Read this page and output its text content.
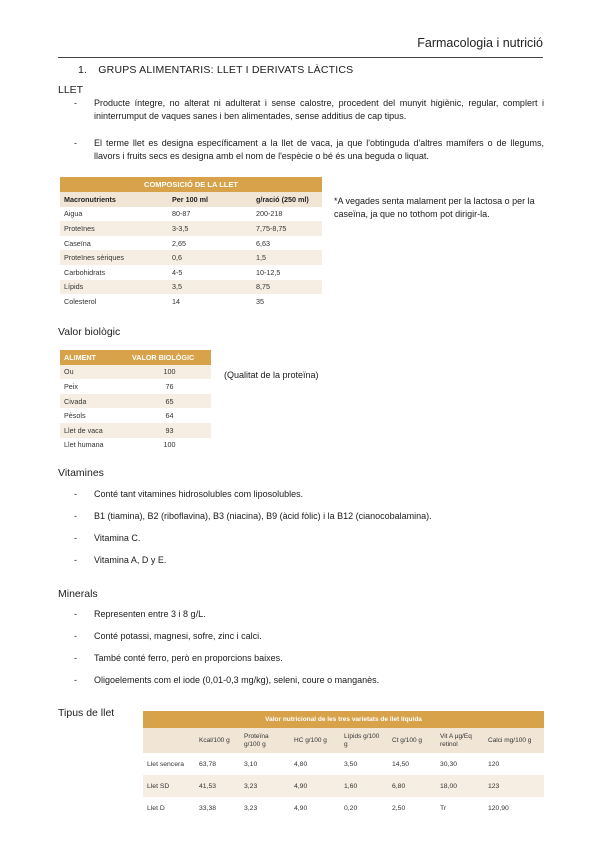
Farmacologia i nutrició
1. GRUPS ALIMENTARIS: LLET I DERIVATS LÀCTICS
LLET
- Producte íntegre, no alterat ni adulterat i sense calostre, procedent del munyit higiènic, regular, complert i ininterrumput de vaques sanes i ben alimentades, sense additius de cap tipus.
- El terme llet es designa específicament a la llet de vaca, ja que l'obtinguda d'altres mamífers o de llegums, llavors i fruits secs es designa amb el nom de l'espècie o bé és una beguda o liquat.
COMPOSICIÓ DE LA LLET		
Macronutrients	Per 100 ml	g/ració (250 ml)
Aigua	80-87	200-218
Proteïnes	3-3,5	7,75-8,75
Caseïna	2,65	6,63
Proteïnes sèriques	0,6	1,5
Carbohidrats	4-5	10-12,5
Lípids	3,5	8,75
Colesterol	14	35
*A vegades senta malament per la lactosa o per la caseïna, ja que no tothom pot dirigir-la.
Valor biològic
ALIMENT	VALOR BIOLÒGIC
Ou	100
Peix	76
Civada	65
Pèsols	64
Llet de vaca	93
Llet humana	100
(Qualitat de la proteïna)
Vitamines
- Conté tant vitamines hidrosolubles com liposolubles.
- B1 (tiamina), B2 (riboflavina), B3 (niacina), B9 (àcid fòlic) i la B12 (cianocobalamina).
- Vitamina C.
- Vitamina A, D y E.
Minerals
- Representen entre 3 i 8 g/L.
- Conté potassi, magnesi, sofre, zinc i calci.
- També conté ferro, però en proporcions baixes.
- Oligoelements com el iode (0,01-0,3 mg/kg), seleni, coure o manganès.
Tipus de llet
Valor nutricional de les tres varietats de llet líquida							
	Kcal/100 g	Proteïna g/100 g	HC g/100 g	Lípids g/100 g	Ct g/100 g	Vit A µg/Eq retinol	Calci mg/100 g
Llet sencera	63,78	3,10	4,80	3,50	14,50	30,30	120
Llet SD	41,53	3,23	4,90	1,60	6,80	18,00	123
Llet D	33,38	3,23	4,90	0,20	2,50	Tr	120,90
